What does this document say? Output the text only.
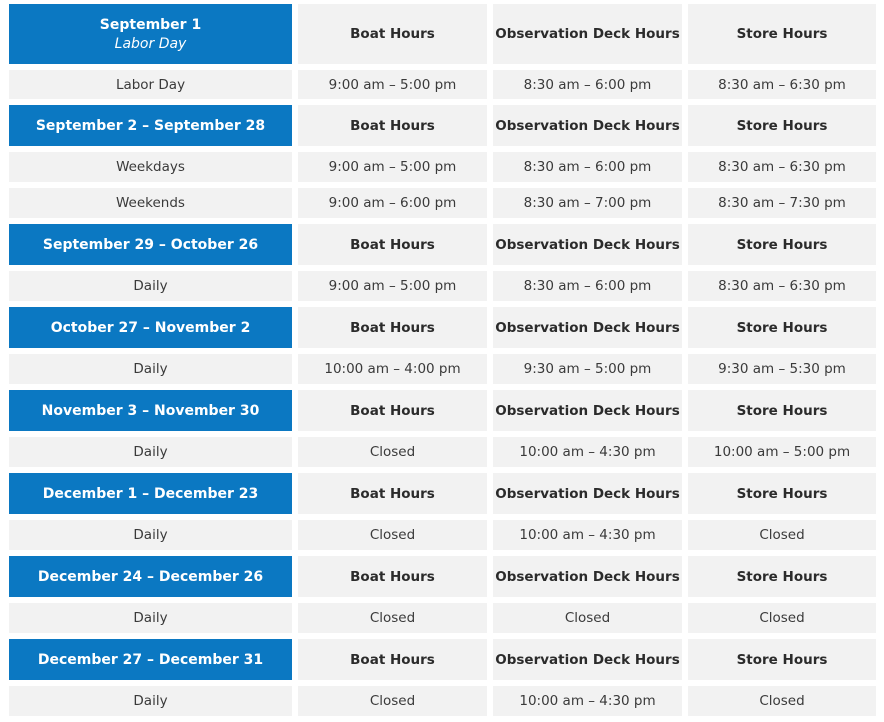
September 1
Labor Day
Boat Hours	Observation Deck Hours	Store Hours
Labor Day	9:00 am – 5:00 pm	8:30 am – 6:00 pm	8:30 am – 6:30 pm
September 2 – September 28	Boat Hours	Observation Deck Hours	Store Hours
Weekdays	9:00 am – 5:00 pm	8:30 am – 6:00 pm	8:30 am – 6:30 pm
Weekends	9:00 am – 6:00 pm	8:30 am – 7:00 pm	8:30 am – 7:30 pm
September 29 – October 26	Boat Hours	Observation Deck Hours	Store Hours
Daily	9:00 am – 5:00 pm	8:30 am – 6:00 pm	8:30 am – 6:30 pm
October 27 – November 2	Boat Hours	Observation Deck Hours	Store Hours
Daily	10:00 am – 4:00 pm	9:30 am – 5:00 pm	9:30 am – 5:30 pm
November 3 – November 30	Boat Hours	Observation Deck Hours	Store Hours
Daily	Closed	10:00 am – 4:30 pm	10:00 am – 5:00 pm
December 1 – December 23	Boat Hours	Observation Deck Hours	Store Hours
Daily	Closed	10:00 am – 4:30 pm	Closed
December 24 – December 26	Boat Hours	Observation Deck Hours	Store Hours
Daily	Closed	Closed	Closed
December 27 – December 31	Boat Hours	Observation Deck Hours	Store Hours
Daily	Closed	10:00 am – 4:30 pm	Closed
